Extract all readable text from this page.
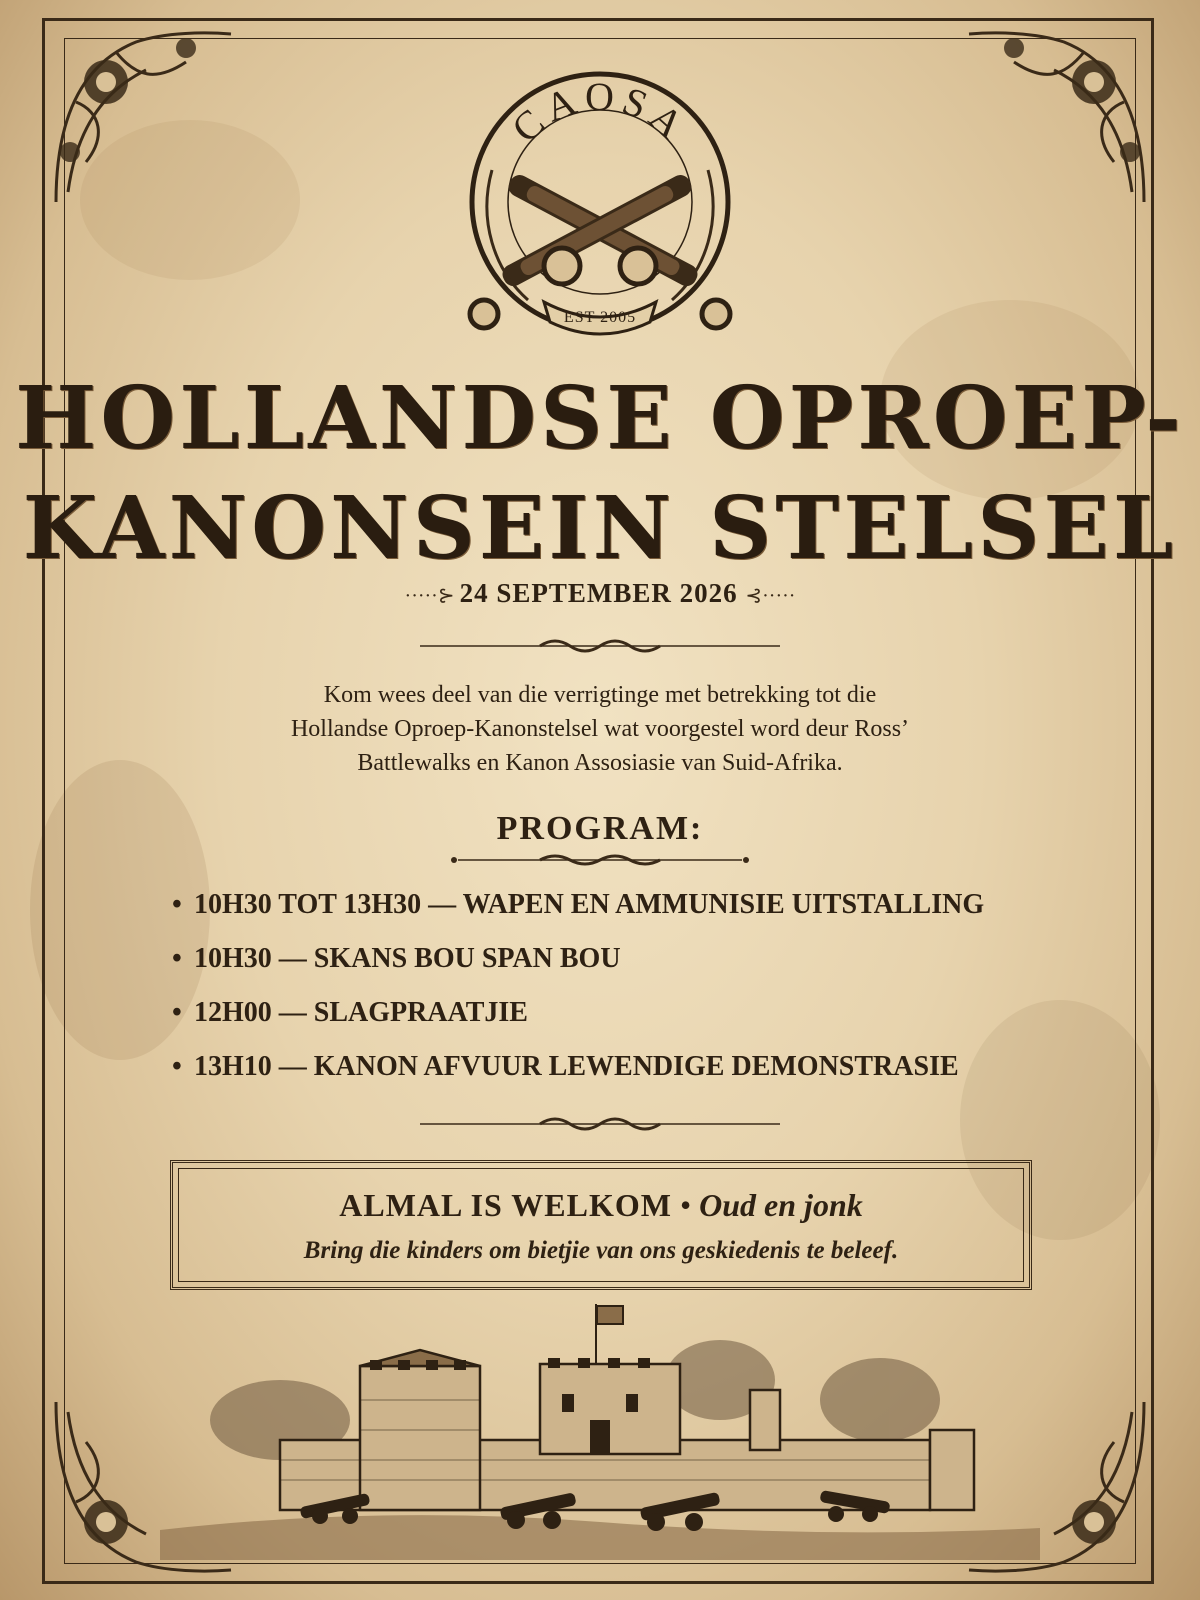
CAOSA
EST 2005
HOLLANDSE OPROEP-
KANONSEIN STELSEL
·····⊱ 24 SEPTEMBER 2026 ⊰·····
Kom wees deel van die verrigtinge met betrekking tot die
Hollandse Oproep-Kanonstelsel wat voorgestel word deur Ross’
Battlewalks en Kanon Assosiasie van Suid-Afrika.
PROGRAM:
• 10H30 TOT 13H30 — WAPEN EN AMMUNISIE UITSTALLING
• 10H30 — SKANS BOU SPAN BOU
• 12H00 — SLAGPRAATJIE
• 13H10 — KANON AFVUUR LEWENDIGE DEMONSTRASIE
ALMAL IS WELKOM • Oud en jonk
Bring die kinders om bietjie van ons geskiedenis te beleef.
